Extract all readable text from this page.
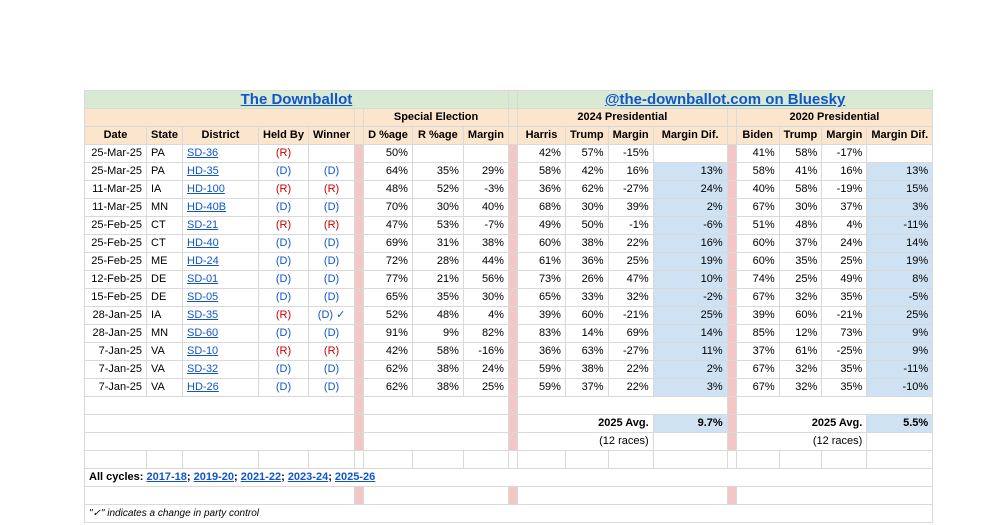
The Downballot										@the-downballot.com on Bluesky								
						Special Election				2024 Presidential					2020 Presidential			
Date	State	District	Held By	Winner		D %age	R %age	Margin		Harris	Trump	Margin	Margin Dif.		Biden	Trump	Margin	Margin Dif.
25-Mar-25	PA	SD-36	(R)			50%				42%	57%	-15%			41%	58%	-17%	
25-Mar-25	PA	HD-35	(D)	(D)		64%	35%	29%		58%	42%	16%	13%		58%	41%	16%	13%
11-Mar-25	IA	HD-100	(R)	(R)		48%	52%	-3%		36%	62%	-27%	24%		40%	58%	-19%	15%
11-Mar-25	MN	HD-40B	(D)	(D)		70%	30%	40%		68%	30%	39%	2%		67%	30%	37%	3%
25-Feb-25	CT	SD-21	(R)	(R)		47%	53%	-7%		49%	50%	-1%	-6%		51%	48%	4%	-11%
25-Feb-25	CT	HD-40	(D)	(D)		69%	31%	38%		60%	38%	22%	16%		60%	37%	24%	14%
25-Feb-25	ME	HD-24	(D)	(D)		72%	28%	44%		61%	36%	25%	19%		60%	35%	25%	19%
12-Feb-25	DE	SD-01	(D)	(D)		77%	21%	56%		73%	26%	47%	10%		74%	25%	49%	8%
15-Feb-25	DE	SD-05	(D)	(D)		65%	35%	30%		65%	33%	32%	-2%		67%	32%	35%	-5%
28-Jan-25	IA	SD-35	(R)	(D) ✓		52%	48%	4%		39%	60%	-21%	25%		39%	60%	-21%	25%
28-Jan-25	MN	SD-60	(D)	(D)		91%	9%	82%		83%	14%	69%	14%		85%	12%	73%	9%
7-Jan-25	VA	SD-10	(R)	(R)		42%	58%	-16%		36%	63%	-27%	11%		37%	61%	-25%	9%
7-Jan-25	VA	SD-32	(D)	(D)		62%	38%	24%		59%	38%	22%	2%		67%	32%	35%	-11%
7-Jan-25	VA	HD-26	(D)	(D)		62%	38%	25%		59%	37%	22%	3%		67%	32%	35%	-10%

										2025 Avg.			9.7%		2025 Avg.			5.5%
										(12 races)					(12 races)			

All cycles: 2017-18; 2019-20; 2021-22; 2023-24; 2025-26																		

"✓" indicates a change in party control																		
